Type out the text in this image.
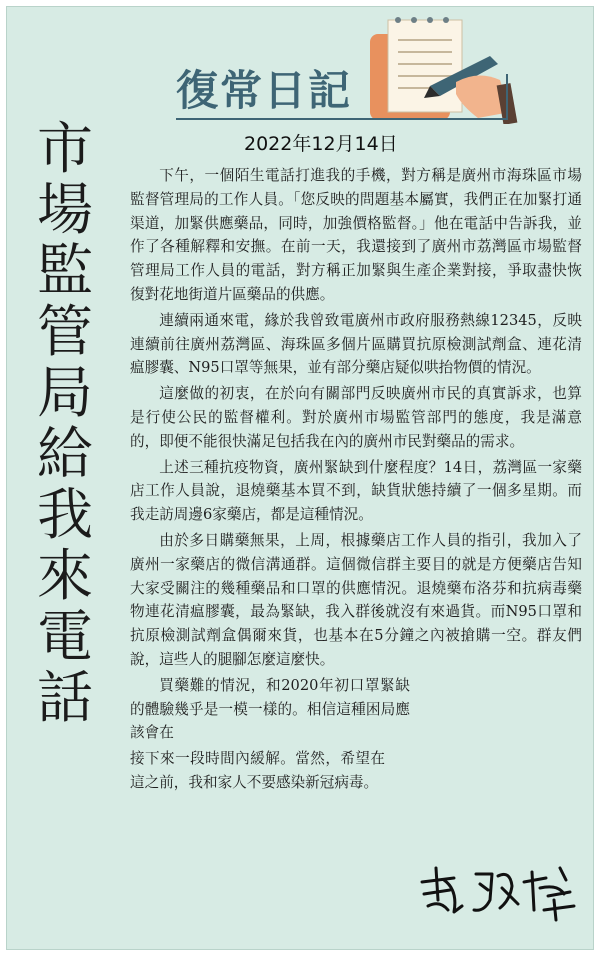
復常日記
2022年12月14日
市
場
監
管
局
給
我
來
電
話

下午，一個陌生電話打進我的手機，對方稱是廣州市海珠區市場監督管理局的工作人員。「您反映的問題基本屬實，我們正在加緊打通渠道，加緊供應藥品，同時，加強價格監督。」他在電話中告訴我，並作了各種解釋和安撫。在前一天，我還接到了廣州市荔灣區市場監督管理局工作人員的電話，對方稱正加緊與生產企業對接，爭取盡快恢復對花地街道片區藥品的供應。

連續兩通來電，緣於我曾致電廣州市政府服務熱線12345，反映連續前往廣州荔灣區、海珠區多個片區購買抗原檢測試劑盒、連花清瘟膠囊、N95口罩等無果，並有部分藥店疑似哄抬物價的情況。

這麼做的初衷，在於向有關部門反映廣州市民的真實訴求，也算是行使公民的監督權利。對於廣州市場監管部門的態度，我是滿意的，即便不能很快滿足包括我在內的廣州市民對藥品的需求。

上述三種抗疫物資，廣州緊缺到什麼程度？14日，荔灣區一家藥店工作人員說，退燒藥基本買不到，缺貨狀態持續了一個多星期。而我走訪周邊6家藥店，都是這種情況。

由於多日購藥無果，上周，根據藥店工作人員的指引，我加入了廣州一家藥店的微信溝通群。這個微信群主要目的就是方便藥店告知大家受關注的幾種藥品和口罩的供應情況。退燒藥布洛芬和抗病毒藥物連花清瘟膠囊，最為緊缺，我入群後就沒有來過貨。而N95口罩和抗原檢測試劑盒偶爾來貨，也基本在5分鐘之內被搶購一空。群友們說，這些人的腿腳怎麼這麼快。

買藥難的情況，和2020年初口罩緊缺的體驗幾乎是一模一樣的。相信這種困局應該會在

接下來一段時間內緩解。當然，希望在這之前，我和家人不要感染新冠病毒。
